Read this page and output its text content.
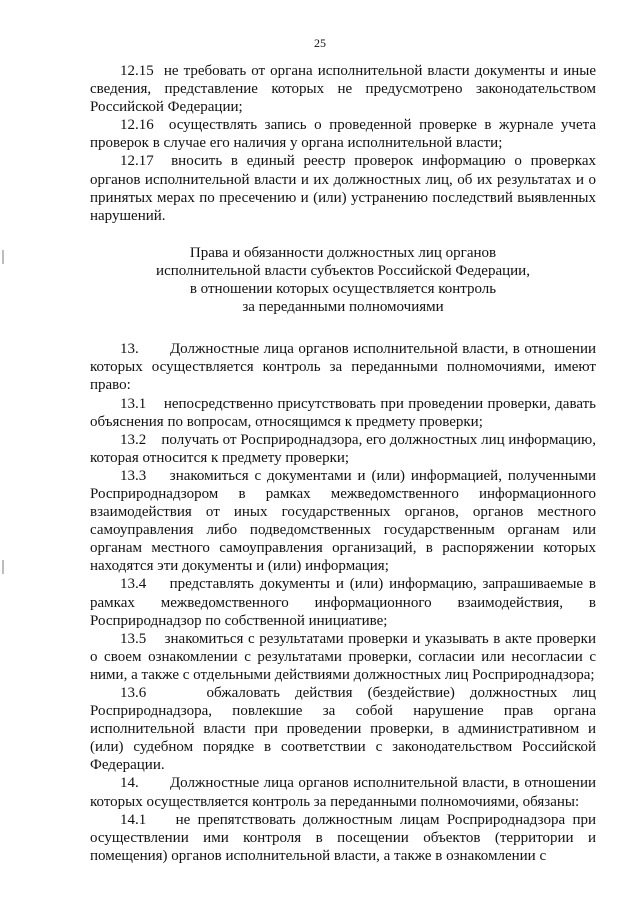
25

12.15 не требовать от органа исполнительной власти документы и иные сведения, представление которых не предусмотрено законодательством Российской Федерации;

12.16 осуществлять запись о проведенной проверке в журнале учета проверок в случае его наличия у органа исполнительной власти;

12.17 вносить в единый реестр проверок информацию о проверках органов исполнительной власти и их должностных лиц, об их результатах и о принятых мерах по пресечению и (или) устранению последствий выявленных нарушений.

Права и обязанности должностных лиц органов
исполнительной власти субъектов Российской Федерации,
в отношении которых осуществляется контроль
за переданными полномочиями

13. Должностные лица органов исполнительной власти, в отношении которых осуществляется контроль за переданными полномочиями, имеют право:

13.1 непосредственно присутствовать при проведении проверки, давать объяснения по вопросам, относящимся к предмету проверки;

13.2 получать от Росприроднадзора, его должностных лиц информацию, которая относится к предмету проверки;

13.3 знакомиться с документами и (или) информацией, полученными Росприроднадзором в рамках межведомственного информационного взаимодействия от иных государственных органов, органов местного самоуправления либо подведомственных государственным органам или органам местного самоуправления организаций, в распоряжении которых находятся эти документы и (или) информация;

13.4 представлять документы и (или) информацию, запрашиваемые в рамках межведомственного информационного взаимодействия, в Росприроднадзор по собственной инициативе;

13.5 знакомиться с результатами проверки и указывать в акте проверки о своем ознакомлении с результатами проверки, согласии или несогласии с ними, а также с отдельными действиями должностных лиц Росприроднадзора;

13.6	обжаловать действия (бездействие) должностных лиц Росприроднадзора, повлекшие за собой нарушение прав органа исполнительной власти при проведении проверки, в административном и (или) судебном порядке в соответствии с законодательством Российской Федерации.

14. Должностные лица органов исполнительной власти, в отношении которых осуществляется контроль за переданными полномочиями, обязаны:

14.1 не препятствовать должностным лицам Росприроднадзора при осуществлении ими контроля в посещении объектов (территории и помещения) органов исполнительной власти, а также в ознакомлении с
